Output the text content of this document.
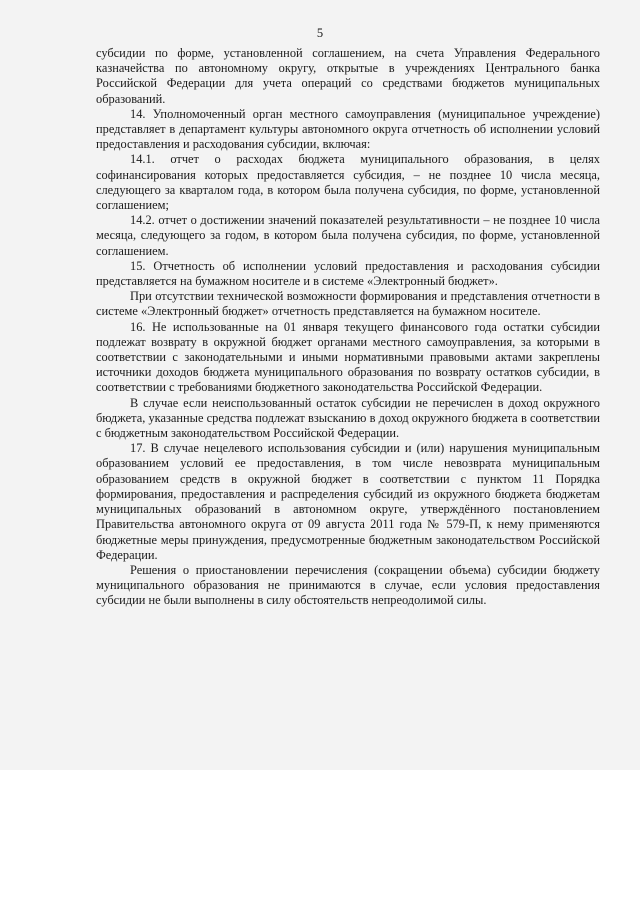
5

субсидии по форме, установленной соглашением, на счета Управления Федерального казначейства по автономному округу, открытые в учреждениях Центрального банка Российской Федерации для учета операций со средствами бюджетов муниципальных образований.

14. Уполномоченный орган местного самоуправления (муниципальное учреждение) представляет в департамент культуры автономного округа отчетность об исполнении условий предоставления и расходования субсидии, включая:

14.1. отчет о расходах бюджета муниципального образования, в целях софинансирования которых предоставляется субсидия, – не позднее 10 числа месяца, следующего за кварталом года, в котором была получена субсидия, по форме, установленной соглашением;

14.2. отчет о достижении значений показателей результативности – не позднее 10 числа месяца, следующего за годом, в котором была получена субсидия, по форме, установленной соглашением.

15. Отчетность об исполнении условий предоставления и расходования субсидии представляется на бумажном носителе и в системе «Электронный бюджет».

При отсутствии технической возможности формирования и представления отчетности в системе «Электронный бюджет» отчетность представляется на бумажном носителе.

16. Не использованные на 01 января текущего финансового года остатки субсидии подлежат возврату в окружной бюджет органами местного самоуправления, за которыми в соответствии с законодательными и иными нормативными правовыми актами закреплены источники доходов бюджета муниципального образования по возврату остатков субсидии, в соответствии с требованиями бюджетного законодательства Российской Федерации.

В случае если неиспользованный остаток субсидии не перечислен в доход окружного бюджета, указанные средства подлежат взысканию в доход окружного бюджета в соответствии с бюджетным законодательством Российской Федерации.

17. В случае нецелевого использования субсидии и (или) нарушения муниципальным образованием условий ее предоставления, в том числе невозврата муниципальным образованием средств в окружной бюджет в соответствии с пунктом 11 Порядка формирования, предоставления и распределения субсидий из окружного бюджета бюджетам муниципальных образований в автономном округе, утверждённого постановлением Правительства автономного округа от 09 августа 2011 года № 579-П, к нему применяются бюджетные меры принуждения, предусмотренные бюджетным законодательством Российской Федерации.

Решения о приостановлении перечисления (сокращении объема) субсидии бюджету муниципального образования не принимаются в случае, если условия предоставления субсидии не были выполнены в силу обстоятельств непреодолимой силы.
